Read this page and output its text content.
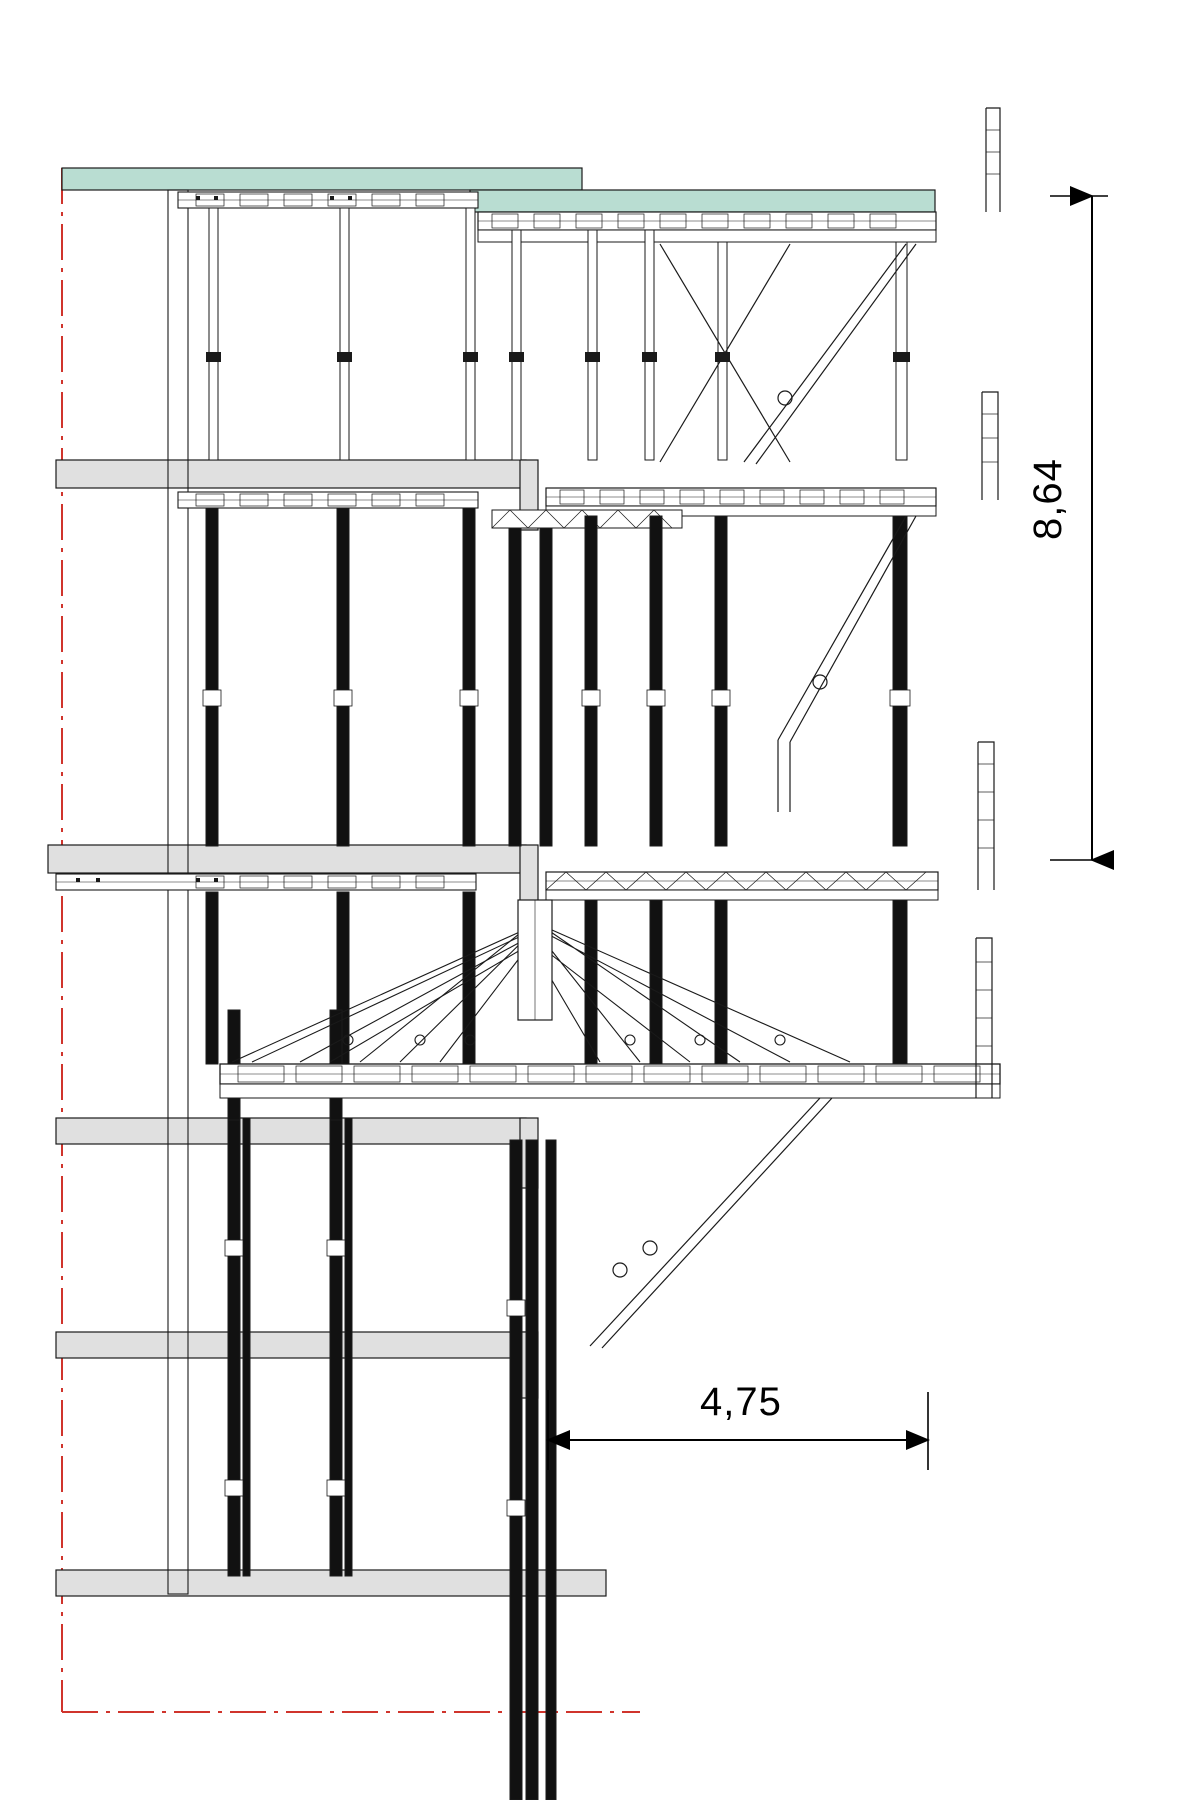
8,64
4,75
